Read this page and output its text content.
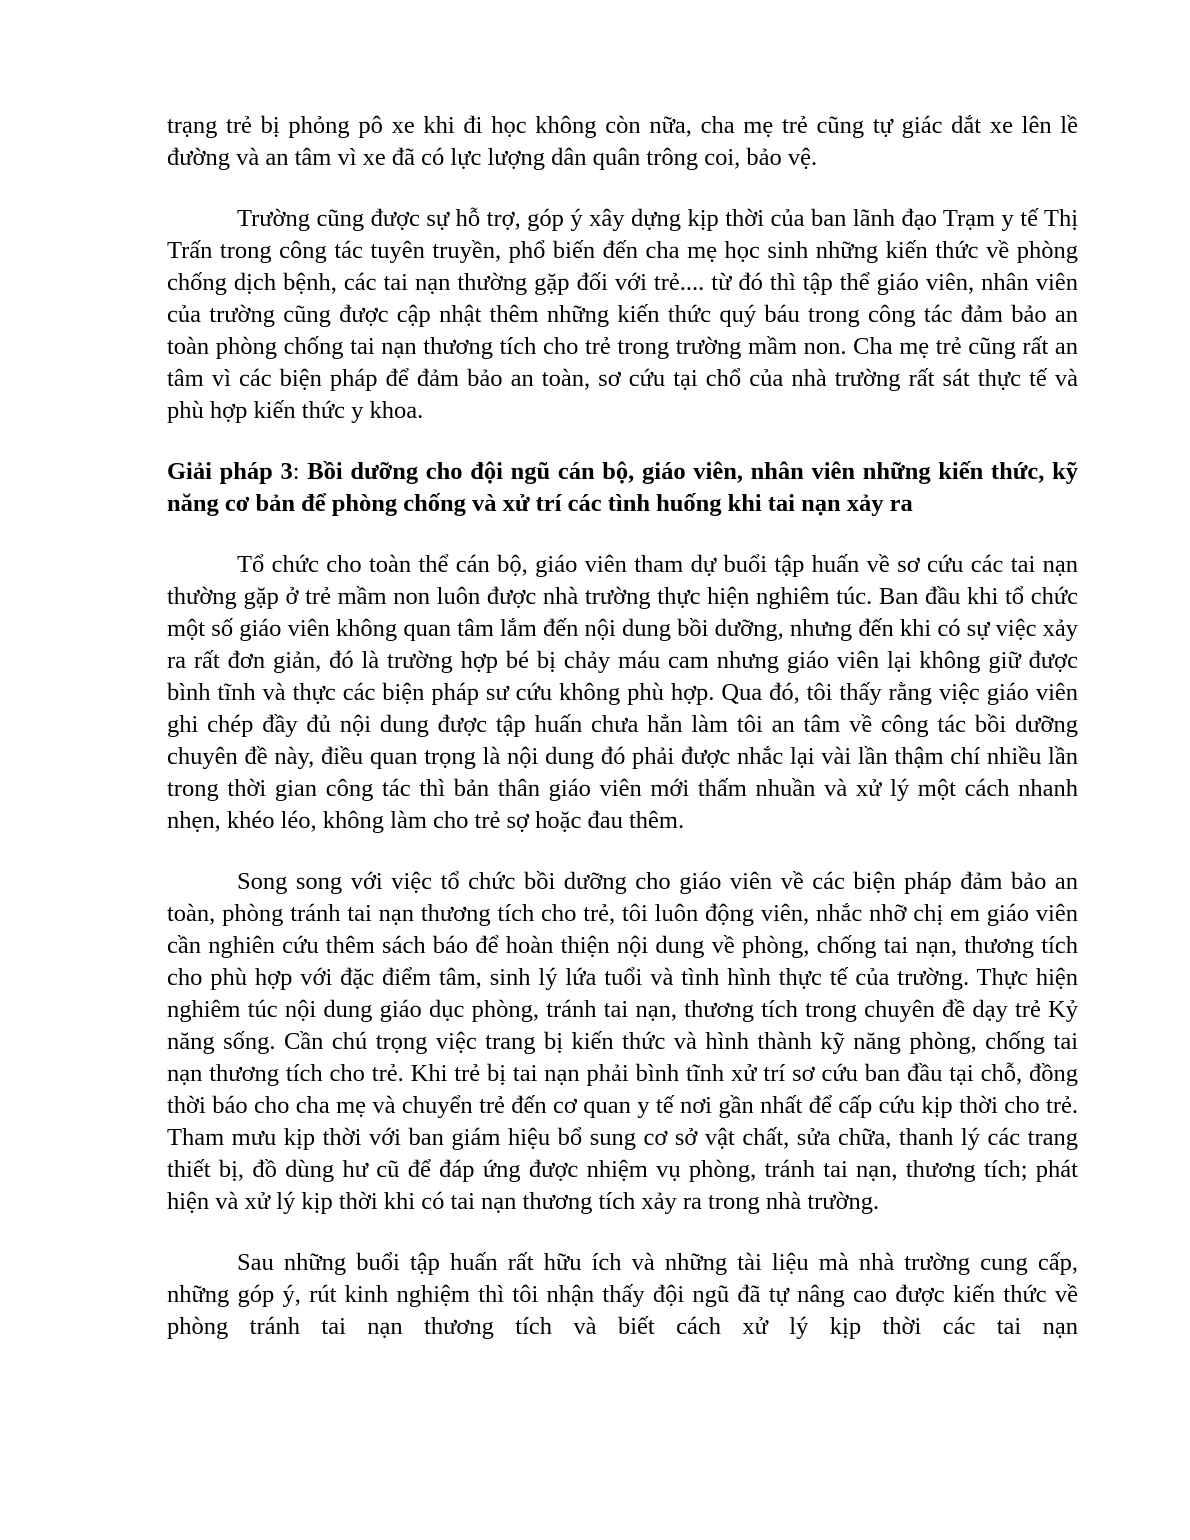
trạng trẻ bị phỏng pô xe khi đi học không còn nữa, cha mẹ trẻ cũng tự giác dắt xe lên lề đường và an tâm vì xe đã có lực lượng dân quân trông coi, bảo vệ.

Trường cũng được sự hỗ trợ, góp ý xây dựng kịp thời của ban lãnh đạo Trạm y tế Thị Trấn trong công tác tuyên truyền, phổ biến đến cha mẹ học sinh những kiến thức về phòng chống dịch bệnh, các tai nạn thường gặp đối với trẻ.... từ đó thì tập thể giáo viên, nhân viên của trường cũng được cập nhật thêm những kiến thức quý báu trong công tác đảm bảo an toàn phòng chống tai nạn thương tích cho trẻ trong trường mầm non. Cha mẹ trẻ cũng rất an tâm vì các biện pháp để đảm bảo an toàn, sơ cứu tại chổ của nhà trường rất sát thực tế và phù hợp kiến thức y khoa.

Giải pháp 3: Bồi dưỡng cho đội ngũ cán bộ, giáo viên, nhân viên những kiến thức, kỹ năng cơ bản để phòng chống và xử trí các tình huống khi tai nạn xảy ra

Tổ chức cho toàn thể cán bộ, giáo viên tham dự buổi tập huấn về sơ cứu các tai nạn thường gặp ở trẻ mầm non luôn được nhà trường thực hiện nghiêm túc. Ban đầu khi tổ chức một số giáo viên không quan tâm lắm đến nội dung bồi dưỡng, nhưng đến khi có sự việc xảy ra rất đơn giản, đó là trường hợp bé bị chảy máu cam nhưng giáo viên lại không giữ được bình tĩnh và thực các biện pháp sư cứu không phù hợp. Qua đó, tôi thấy rằng việc giáo viên ghi chép đầy đủ nội dung được tập huấn chưa hẳn làm tôi an tâm về công tác bồi dưỡng chuyên đề này, điều quan trọng là nội dung đó phải được nhắc lại vài lần thậm chí nhiều lần trong thời gian công tác thì bản thân giáo viên mới thấm nhuần và xử lý một cách nhanh nhẹn, khéo léo, không làm cho trẻ sợ hoặc đau thêm.

Song song với việc tổ chức bồi dưỡng cho giáo viên về các biện pháp đảm bảo an toàn, phòng tránh tai nạn thương tích cho trẻ, tôi luôn động viên, nhắc nhỡ chị em giáo viên cần nghiên cứu thêm sách báo để hoàn thiện nội dung về phòng, chống tai nạn, thương tích cho phù hợp với đặc điểm tâm, sinh lý lứa tuổi và tình hình thực tế của trường. Thực hiện nghiêm túc nội dung giáo dục phòng, tránh tai nạn, thương tích trong chuyên đề dạy trẻ Kỷ năng sống. Cần chú trọng việc trang bị kiến thức và hình thành kỹ năng phòng, chống tai nạn thương tích cho trẻ. Khi trẻ bị tai nạn phải bình tĩnh xử trí sơ cứu ban đầu tại chỗ, đồng thời báo cho cha mẹ và chuyển trẻ đến cơ quan y tế nơi gần nhất để cấp cứu kịp thời cho trẻ. Tham mưu kịp thời với ban giám hiệu bổ sung cơ sở vật chất, sửa chữa, thanh lý các trang thiết bị, đồ dùng hư cũ để đáp ứng được nhiệm vụ phòng, tránh tai nạn, thương tích; phát hiện và xử lý kịp thời khi có tai nạn thương tích xảy ra trong nhà trường.

Sau những buổi tập huấn rất hữu ích và những tài liệu mà nhà trường cung cấp, những góp ý, rút kinh nghiệm thì tôi nhận thấy đội ngũ đã tự nâng cao được kiến thức về phòng tránh tai nạn thương tích và biết cách xử lý kịp thời các tai nạn
